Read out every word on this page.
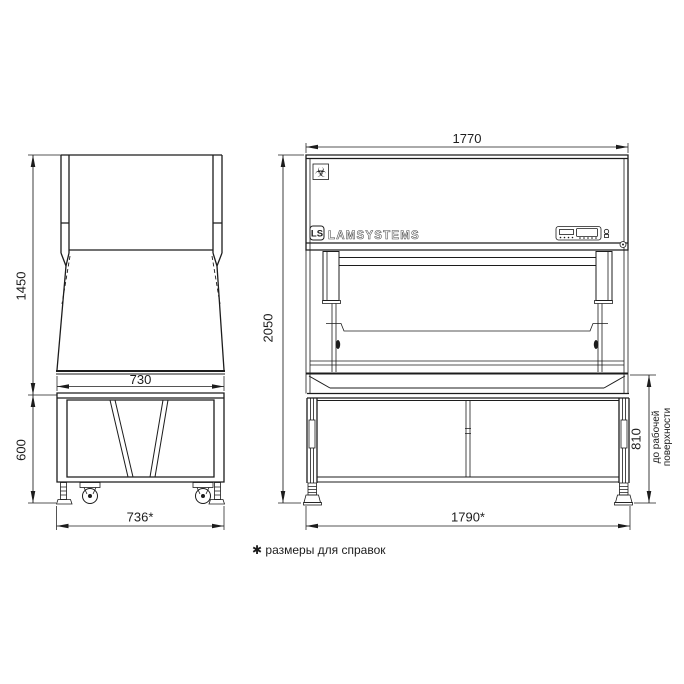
1450
600
730
736*
☣
LS LAMSYSTEMS
1770
2050
1790*
810 до рабочей поверхности
✱ размеры для справок
